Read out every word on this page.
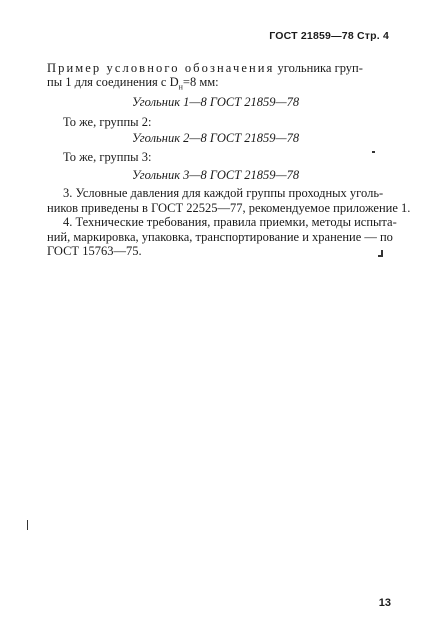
ГОСТ 21859—78 Стр. 4
Пример условного обозначения угольника груп-
пы 1 для соединения с $D_н=8$ мм:
Угольник 1—8 ГОСТ 21859—78
То же, группы 2:
Угольник 2—8 ГОСТ 21859—78
То же, группы 3:
Угольник 3—8 ГОСТ 21859—78
3. Условные давления для каждой группы проходных уголь-
ников приведены в ГОСТ 22525—77, рекомендуемое приложение 1.
4. Технические требования, правила приемки, методы испыта-
ний, маркировка, упаковка, транспортирование и хранение — по
ГОСТ 15763—75.
13
